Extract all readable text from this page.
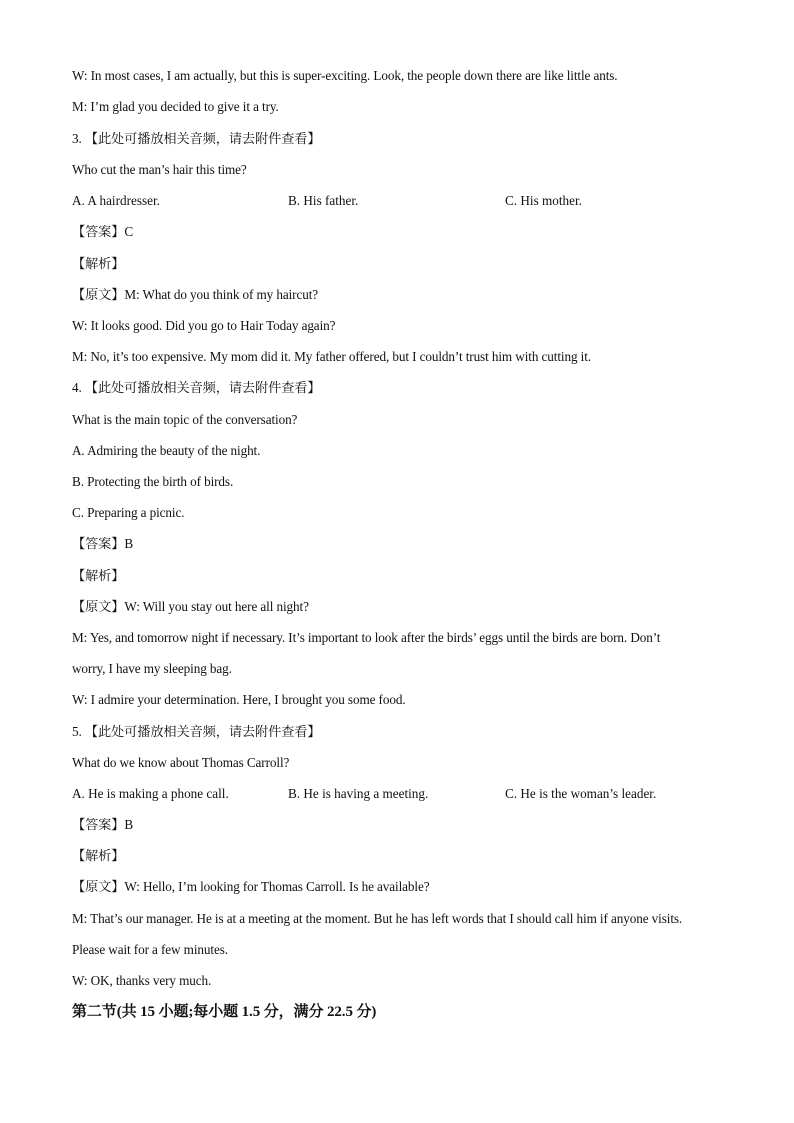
W: In most cases, I am actually, but this is super-exciting. Look, the people down there are like little ants.
M: I’m glad you decided to give it a try.
3. 【此处可播放相关音频，请去附件查看】
Who cut the man’s hair this time?
A. A hairdresser.	B. His father.	C. His mother.
【答案】C
【解析】
【原文】M: What do you think of my haircut?
W: It looks good. Did you go to Hair Today again?
M: No, it’s too expensive. My mom did it. My father offered, but I couldn’t trust him with cutting it.
4. 【此处可播放相关音频，请去附件查看】
What is the main topic of the conversation?
A. Admiring the beauty of the night.
B. Protecting the birth of birds.
C. Preparing a picnic.
【答案】B
【解析】
【原文】W: Will you stay out here all night?
M: Yes, and tomorrow night if necessary. It’s important to look after the birds’ eggs until the birds are born. Don’t
worry, I have my sleeping bag.
W: I admire your determination. Here, I brought you some food.
5. 【此处可播放相关音频，请去附件查看】
What do we know about Thomas Carroll?
A. He is making a phone call.	B. He is having a meeting.	C. He is the woman’s leader.
【答案】B
【解析】
【原文】W: Hello, I’m looking for Thomas Carroll. Is he available?
M: That’s our manager. He is at a meeting at the moment. But he has left words that I should call him if anyone visits.
Please wait for a few minutes.
W: OK, thanks very much.
第二节(共 15 小题;每小题 1.5 分，满分 22.5 分)
